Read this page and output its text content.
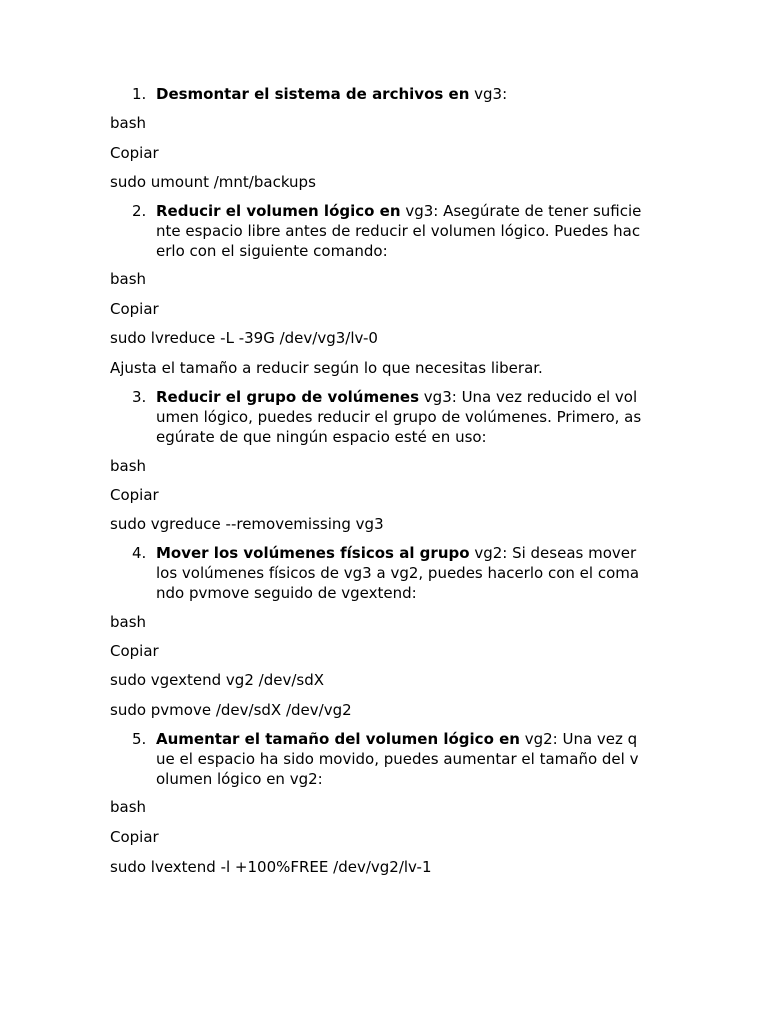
1. Desmontar el sistema de archivos en vg3:
bash
Copiar
sudo umount /mnt/backups
2. Reducir el volumen lógico en vg3: Asegúrate de tener suficie
nte espacio libre antes de reducir el volumen lógico. Puedes hac
erlo con el siguiente comando:
bash
Copiar
sudo lvreduce -L -39G /dev/vg3/lv-0
Ajusta el tamaño a reducir según lo que necesitas liberar.
3. Reducir el grupo de volúmenes vg3: Una vez reducido el vol
umen lógico, puedes reducir el grupo de volúmenes. Primero, as
egúrate de que ningún espacio esté en uso:
bash
Copiar
sudo vgreduce --removemissing vg3
4. Mover los volúmenes físicos al grupo vg2: Si deseas mover
los volúmenes físicos de vg3 a vg2, puedes hacerlo con el coma
ndo pvmove seguido de vgextend:
bash
Copiar
sudo vgextend vg2 /dev/sdX
sudo pvmove /dev/sdX /dev/vg2
5. Aumentar el tamaño del volumen lógico en vg2: Una vez q
ue el espacio ha sido movido, puedes aumentar el tamaño del v
olumen lógico en vg2:
bash
Copiar
sudo lvextend -l +100%FREE /dev/vg2/lv-1
